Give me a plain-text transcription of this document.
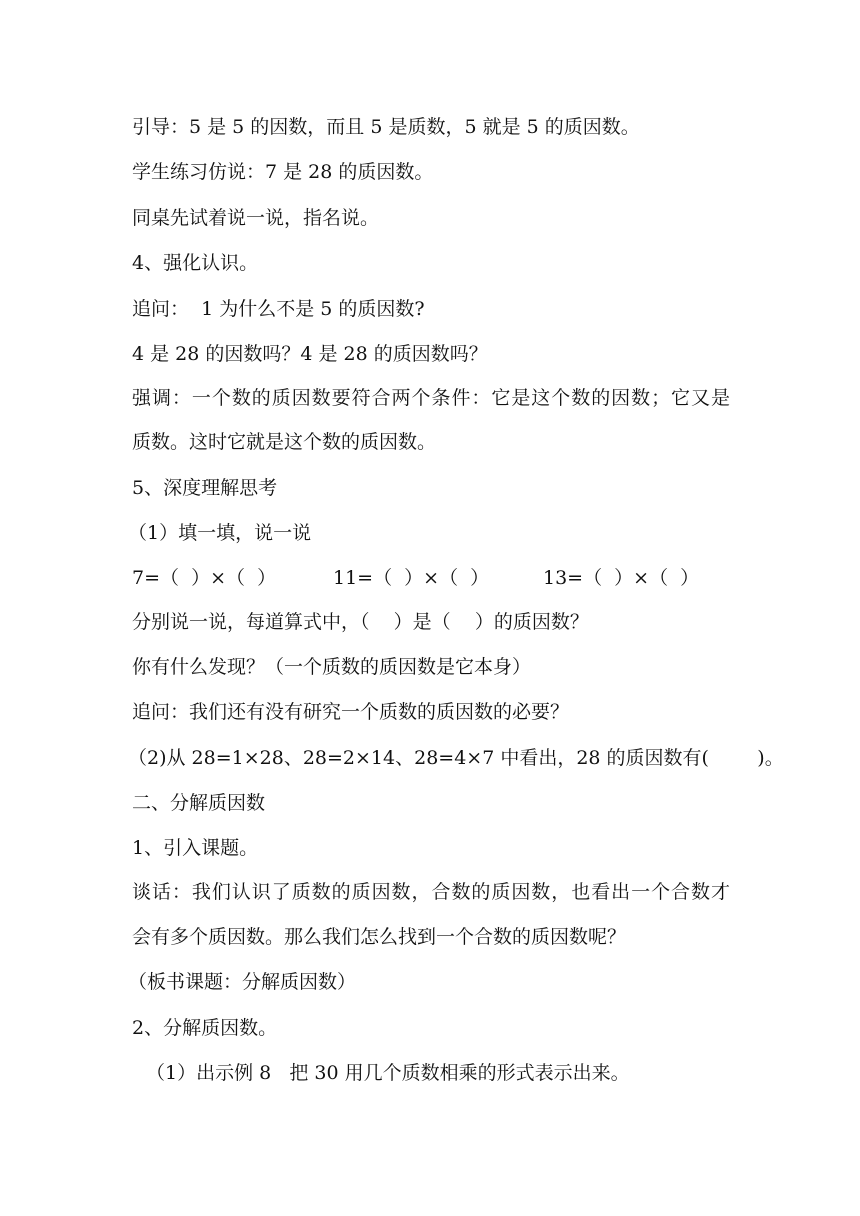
引导：5 是 5 的因数，而且 5 是质数，5 就是 5 的质因数。
学生练习仿说：7 是 28 的质因数。
同桌先试着说一说，指名说。
4、强化认识。
追问：  1 为什么不是 5 的质因数?
4 是 28 的因数吗？4 是 28 的质因数吗？
强调：一个数的质因数要符合两个条件：它是这个数的因数；它又是
质数。这时它就是这个数的质因数。
5、深度理解思考
（1）填一填，说一说
7=（  ）×（  ）	11=（  ）×（  ）	13=（  ）×（  ）
分别说一说，每道算式中，（    ）是（    ）的质因数？
你有什么发现？（一个质数的质因数是它本身）
追问：我们还有没有研究一个质数的质因数的必要？
（2)从 28=1×28、28=2×14、28=4×7 中看出，28 的质因数有(        )。
二、分解质因数
1、引入课题。
谈话：我们认识了质数的质因数，合数的质因数，也看出一个合数才
会有多个质因数。那么我们怎么找到一个合数的质因数呢？
（板书课题：分解质因数）
2、分解质因数。
（1）出示例 8   把 30 用几个质数相乘的形式表示出来。
